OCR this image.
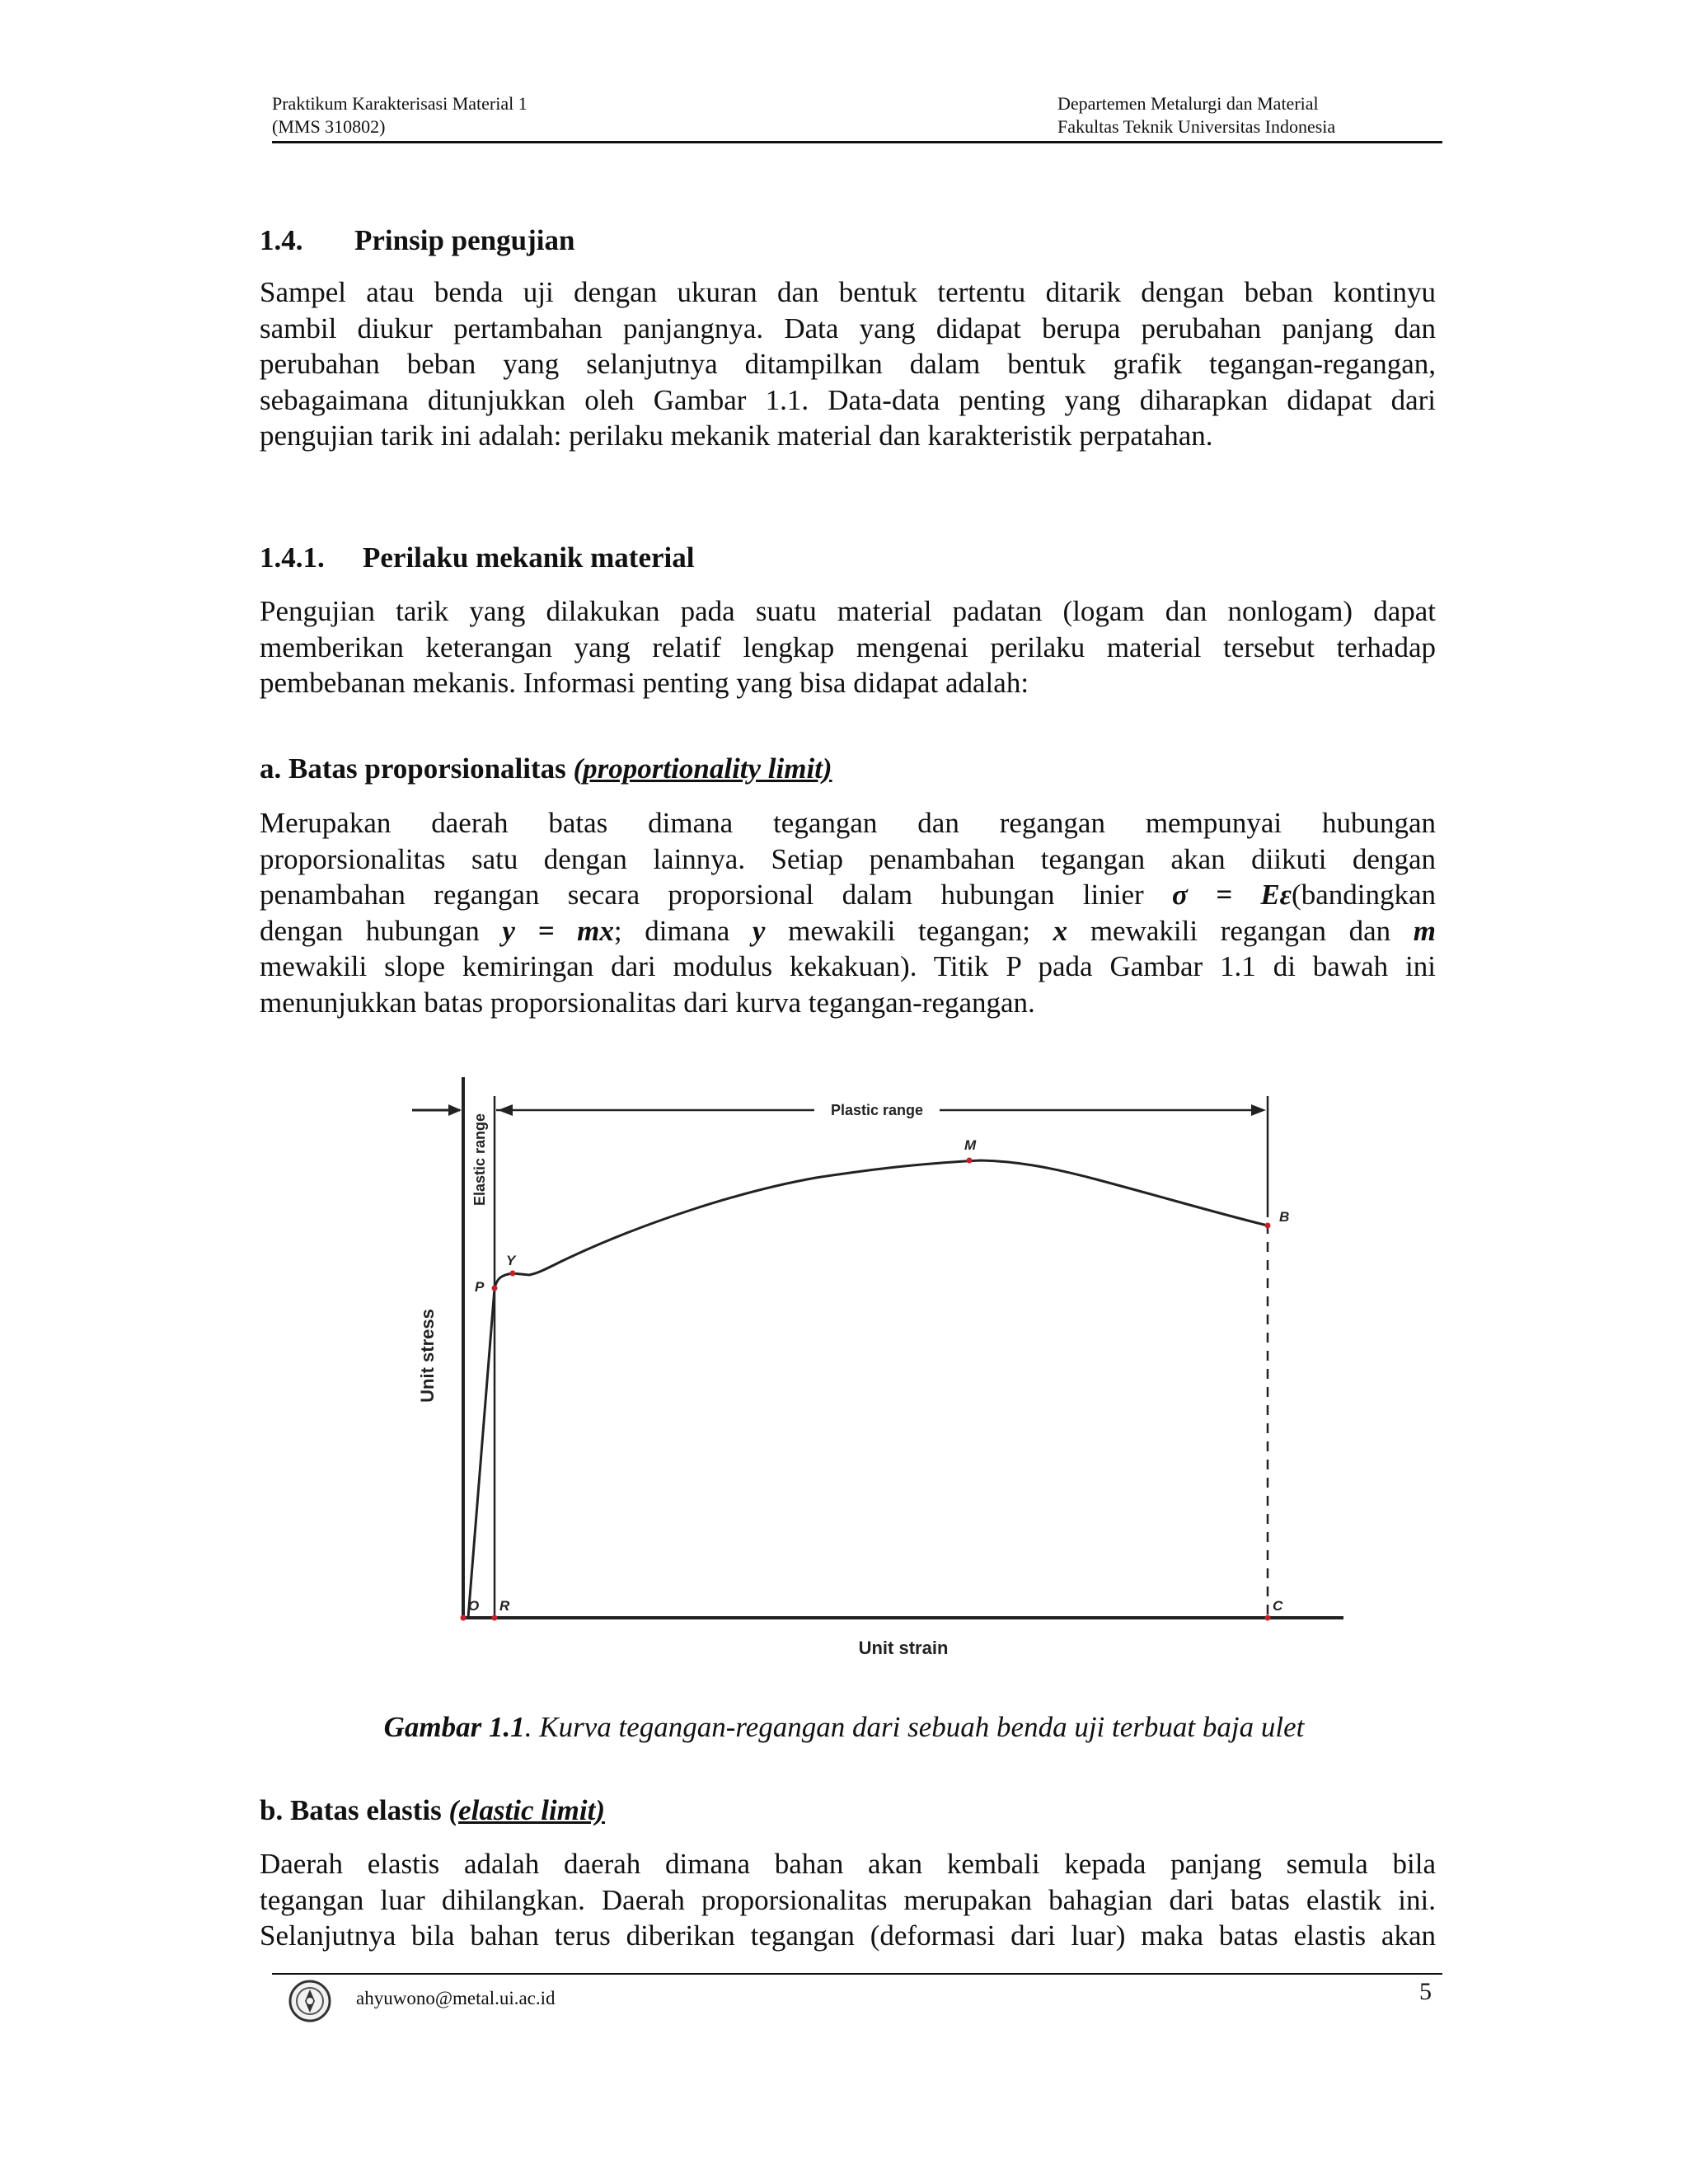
Praktikum Karakterisasi Material 1
(MMS 310802)
Departemen Metalurgi dan Material
Fakultas Teknik Universitas Indonesia
1.4. Prinsip pengujian
Sampel atau benda uji dengan ukuran dan bentuk tertentu ditarik dengan beban kontinyu
sambil diukur pertambahan panjangnya. Data yang didapat berupa perubahan panjang dan
perubahan beban yang selanjutnya ditampilkan dalam bentuk grafik tegangan-regangan,
sebagaimana ditunjukkan oleh Gambar 1.1. Data-data penting yang diharapkan didapat dari
pengujian tarik ini adalah: perilaku mekanik material dan karakteristik perpatahan.
1.4.1. Perilaku mekanik material
Pengujian tarik yang dilakukan pada suatu material padatan (logam dan nonlogam) dapat
memberikan keterangan yang relatif lengkap mengenai perilaku material tersebut terhadap
pembebanan mekanis. Informasi penting yang bisa didapat adalah:
a. Batas proporsionalitas (proportionality limit)
Merupakan daerah batas dimana tegangan dan regangan mempunyai hubungan
proporsionalitas satu dengan lainnya. Setiap penambahan tegangan akan diikuti dengan
penambahan regangan secara proporsional dalam hubungan linier σ = Eε(bandingkan
dengan hubungan y = mx; dimana y mewakili tegangan; x mewakili regangan dan m
mewakili slope kemiringan dari modulus kekakuan). Titik P pada Gambar 1.1 di bawah ini
menunjukkan batas proporsionalitas dari kurva tegangan-regangan.
Elastic range
Plastic range
M
B
Y
P
O R	C
Unit stress
Unit strain
Gambar 1.1. Kurva tegangan-regangan dari sebuah benda uji terbuat baja ulet
b. Batas elastis (elastic limit)
Daerah elastis adalah daerah dimana bahan akan kembali kepada panjang semula bila
tegangan luar dihilangkan. Daerah proporsionalitas merupakan bahagian dari batas elastik ini.
Selanjutnya bila bahan terus diberikan tegangan (deformasi dari luar) maka batas elastis akan
ahyuwono@metal.ui.ac.id	5
